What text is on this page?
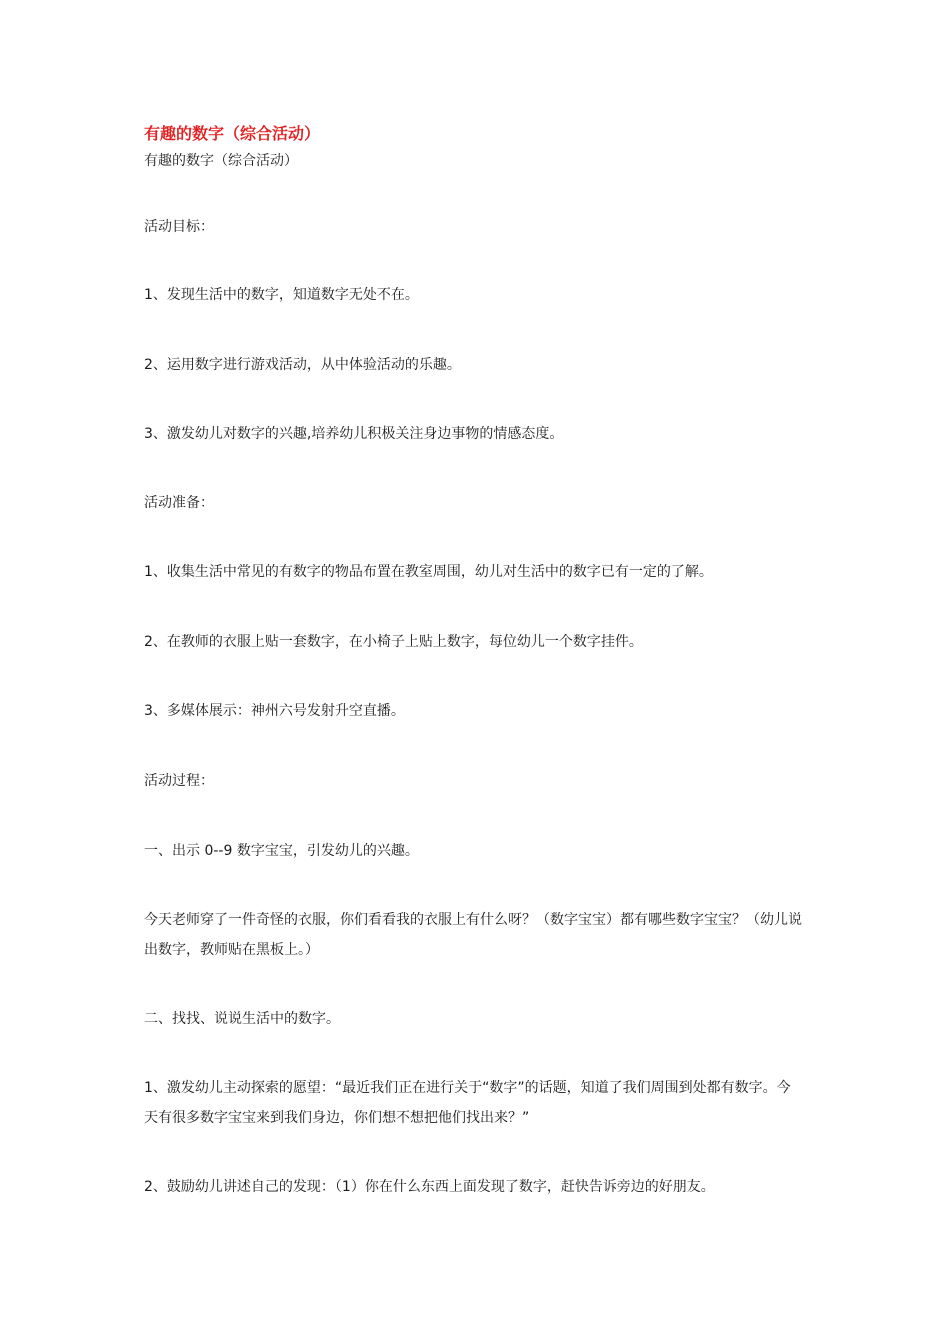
有趣的数字（综合活动）
有趣的数字（综合活动）

活动目标：

1、发现生活中的数字，知道数字无处不在。

2、运用数字进行游戏活动，从中体验活动的乐趣。

3、激发幼儿对数字的兴趣,培养幼儿积极关注身边事物的情感态度。

活动准备：

1、收集生活中常见的有数字的物品布置在教室周围，幼儿对生活中的数字已有一定的了解。

2、在教师的衣服上贴一套数字，在小椅子上贴上数字，每位幼儿一个数字挂件。

3、多媒体展示：神州六号发射升空直播。

活动过程：

一、出示 0--9 数字宝宝，引发幼儿的兴趣。

今天老师穿了一件奇怪的衣服，你们看看我的衣服上有什么呀？（数字宝宝）都有哪些数字宝宝？（幼儿说出数字，教师贴在黑板上。）

二、找找、说说生活中的数字。

1、激发幼儿主动探索的愿望：“最近我们正在进行关于“数字”的话题，知道了我们周围到处都有数字。今天有很多数字宝宝来到我们身边，你们想不想把他们找出来？”

2、鼓励幼儿讲述自己的发现：（1）你在什么东西上面发现了数字，赶快告诉旁边的好朋友。
